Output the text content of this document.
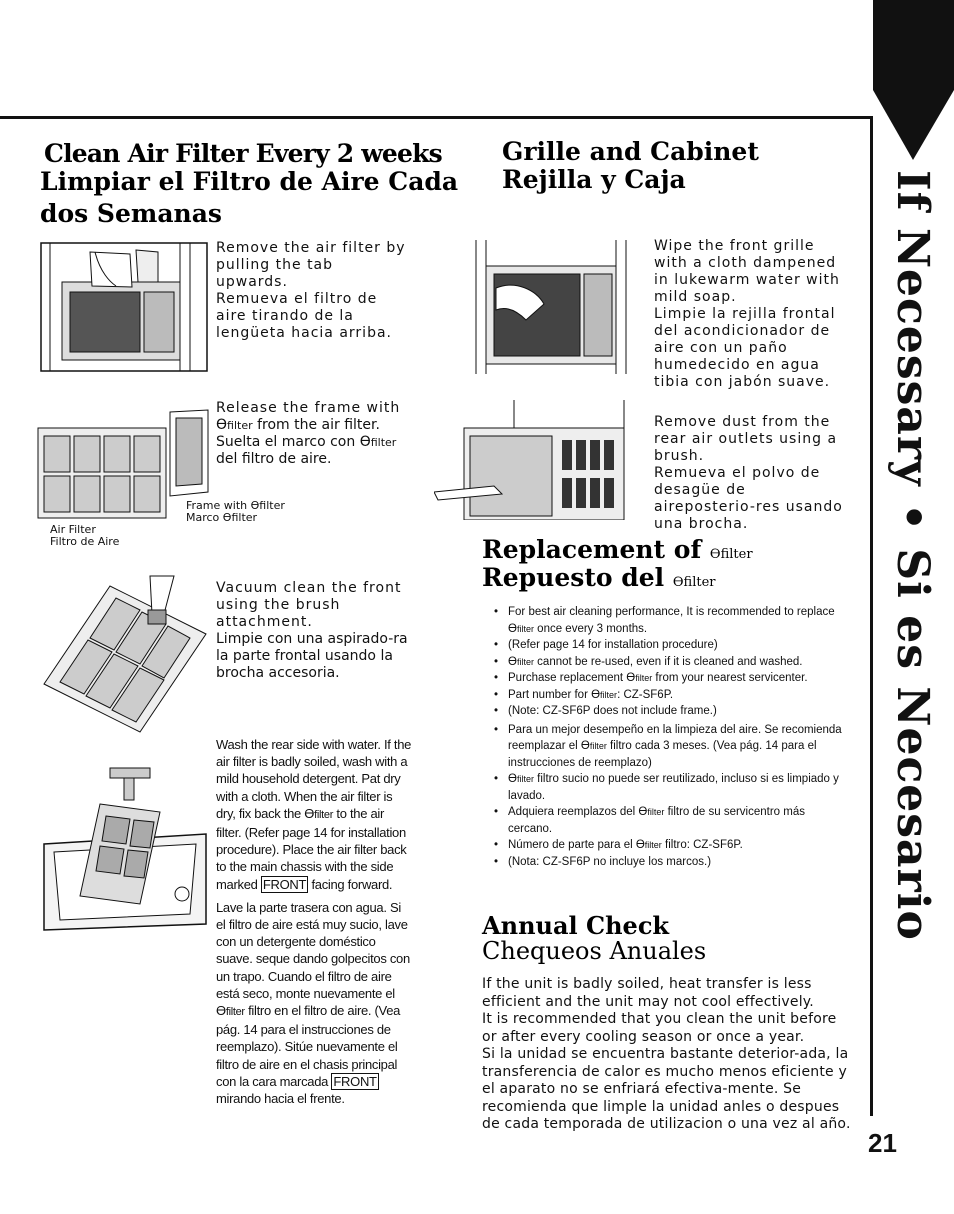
If Necessary • Si es Necesario
Clean Air Filter Every 2 weeks
Limpiar el Filtro de Aire Cada
dos Semanas

Remove the air filter by pulling the tab upwards.

Remueva el filtro de aire tirando de la lengüeta hacia arriba.

Release the frame with

Ɵfilter from the air filter.

Suelta el marco con Ɵfilter

del filtro de aire.

Frame with Ɵfilter
Marco Ɵfilter
Air Filter
Filtro de Aire

Vacuum clean the front using the brush attachment.

Limpie con una aspirado-ra la parte frontal usando la brocha accesoria.

Wash the rear side with water. If the air filter is badly soiled, wash with a mild household detergent. Pat dry with a cloth. When the air filter is dry, fix back the Ɵfilter to the air filter. (Refer page 14 for installation procedure). Place the air filter back to the main chassis with the side marked FRONT facing forward.

Lave la parte trasera con agua. Si el filtro de aire está muy sucio, lave con un detergente doméstico suave. seque dando golpecitos con un trapo. Cuando el filtro de aire está seco, monte nuevamente el Ɵfilter filtro en el filtro de aire. (Vea pág. 14 para el instrucciones de reemplazo). Sitúe nuevamente el filtro de aire en el chasis principal con la cara marcada FRONT mirando hacia el frente.

Grille and Cabinet
Rejilla y Caja

Wipe the front grille with a cloth dampened in lukewarm water with mild soap.

Limpie la rejilla frontal del acondicionador de aire con un paño humedecido en agua tibia con jabón suave.

Remove dust from the rear air outlets using a brush.

Remueva el polvo de desagüe de aireposterio-res usando una brocha.

Replacement of Ɵfilter
Repuesto del Ɵfilter
• For best air cleaning performance, It is recommended to replace Ɵfilter once every 3 months.
• (Refer page 14 for installation procedure)
• Ɵfilter cannot be re-used, even if it is cleaned and washed.
• Purchase replacement Ɵfilter from your nearest servicenter.
• Part number for Ɵfilter: CZ-SF6P.
• (Note: CZ-SF6P does not include frame.)
• Para un mejor desempeño en la limpieza del aire. Se recomienda reemplazar el Ɵfilter filtro cada 3 meses. (Vea pág. 14 para el instrucciones de reemplazo)
• Ɵfilter filtro sucio no puede ser reutilizado, incluso si es limpiado y lavado.
• Adquiera reemplazos del Ɵfilter filtro de su servicentro más cercano.
• Número de parte para el Ɵfilter filtro: CZ-SF6P.
• (Nota: CZ-SF6P no incluye los marcos.)
Annual Check
Chequeos Anuales

If the unit is badly soiled, heat transfer is less efficient and the unit may not cool effectively.

It is recommended that you clean the unit before or after every cooling season or once a year.

Si la unidad se encuentra bastante deterior-ada, la transferencia de calor es mucho menos eficiente y el aparato no se enfriará efectiva-mente. Se recomienda que limple la unidad anles o despues de cada temporada de utilizacion o una vez al año.

21
